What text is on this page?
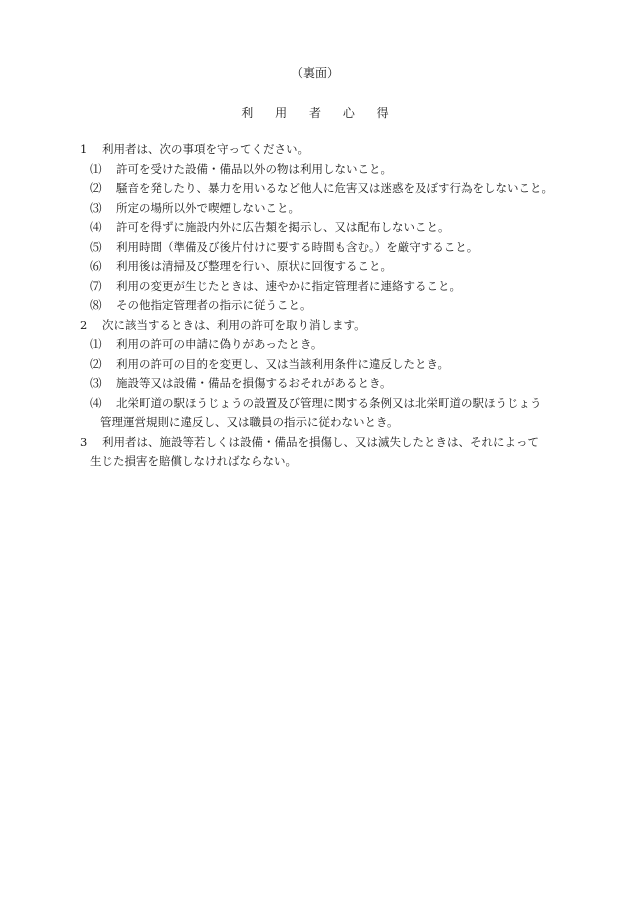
（裏面）
利 用 者 心 得
1 利用者は、次の事項を守ってください。
⑴ 許可を受けた設備・備品以外の物は利用しないこと。
⑵ 騒音を発したり、暴力を用いるなど他人に危害又は迷惑を及ぼす行為をしないこと。
⑶ 所定の場所以外で喫煙しないこと。
⑷ 許可を得ずに施設内外に広告類を掲示し、又は配布しないこと。
⑸ 利用時間（準備及び後片付けに要する時間も含む。）を厳守すること。
⑹ 利用後は清掃及び整理を行い、原状に回復すること。
⑺ 利用の変更が生じたときは、速やかに指定管理者に連絡すること。
⑻ その他指定管理者の指示に従うこと。
2 次に該当するときは、利用の許可を取り消します。
⑴ 利用の許可の申請に偽りがあったとき。
⑵ 利用の許可の目的を変更し、又は当該利用条件に違反したとき。
⑶ 施設等又は設備・備品を損傷するおそれがあるとき。
⑷ 北栄町道の駅ほうじょうの設置及び管理に関する条例又は北栄町道の駅ほうじょう
管理運営規則に違反し、又は職員の指示に従わないとき。
3 利用者は、施設等若しくは設備・備品を損傷し、又は滅失したときは、それによって
生じた損害を賠償しなければならない。
